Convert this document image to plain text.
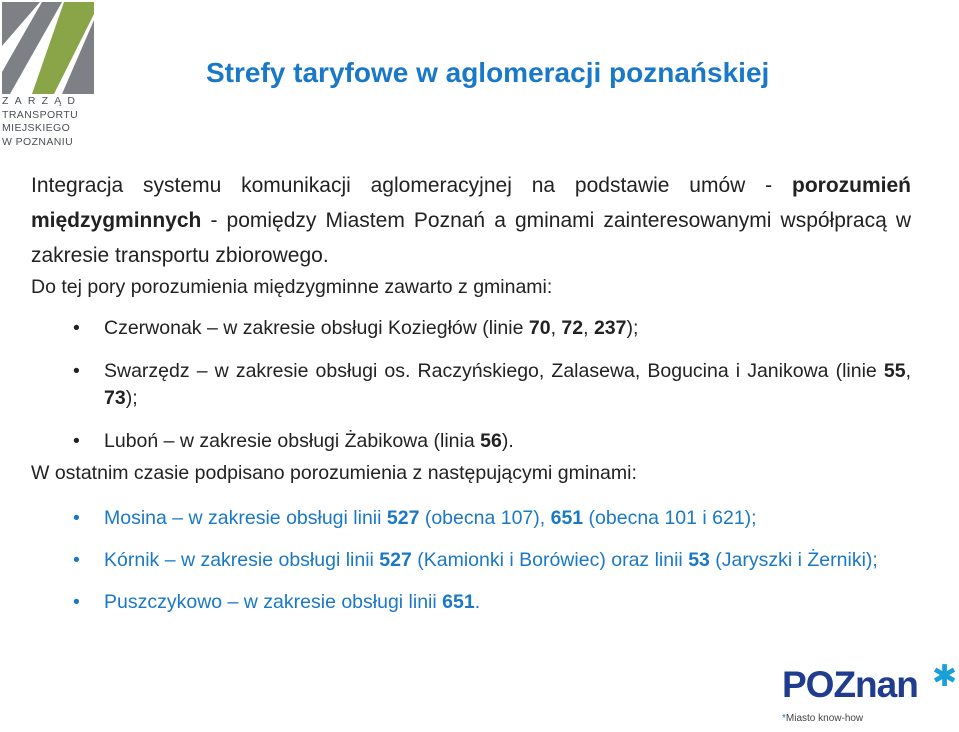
ZARZĄD
TRANSPORTU
MIEJSKIEGO
W POZNANIU
Strefy taryfowe w aglomeracji poznańskiej

Integracja systemu komunikacji aglomeracyjnej na podstawie umów - porozumień międzygminnych - pomiędzy Miastem Poznań a gminami zainteresowanymi współpracą w zakresie transportu zbiorowego.

Do tej pory porozumienia międzygminne zawarto z gminami:

• Czerwonak – w zakresie obsługi Koziegłów (linie 70, 72, 237);
• Swarzędz – w zakresie obsługi os. Raczyńskiego, Zalasewa, Bogucina i Janikowa (linie 55, 73);
• Luboń – w zakresie obsługi Żabikowa (linia 56).

W ostatnim czasie podpisano porozumienia z następującymi gminami:

• Mosina – w zakresie obsługi linii 527 (obecna 107), 651 (obecna 101 i 621);
• Kórnik – w zakresie obsługi linii 527 (Kamionki i Borówiec) oraz linii 53 (Jaryszki i Żerniki);
• Puszczykowo – w zakresie obsługi linii 651.
POZnan ✱
*Miasto know-how
